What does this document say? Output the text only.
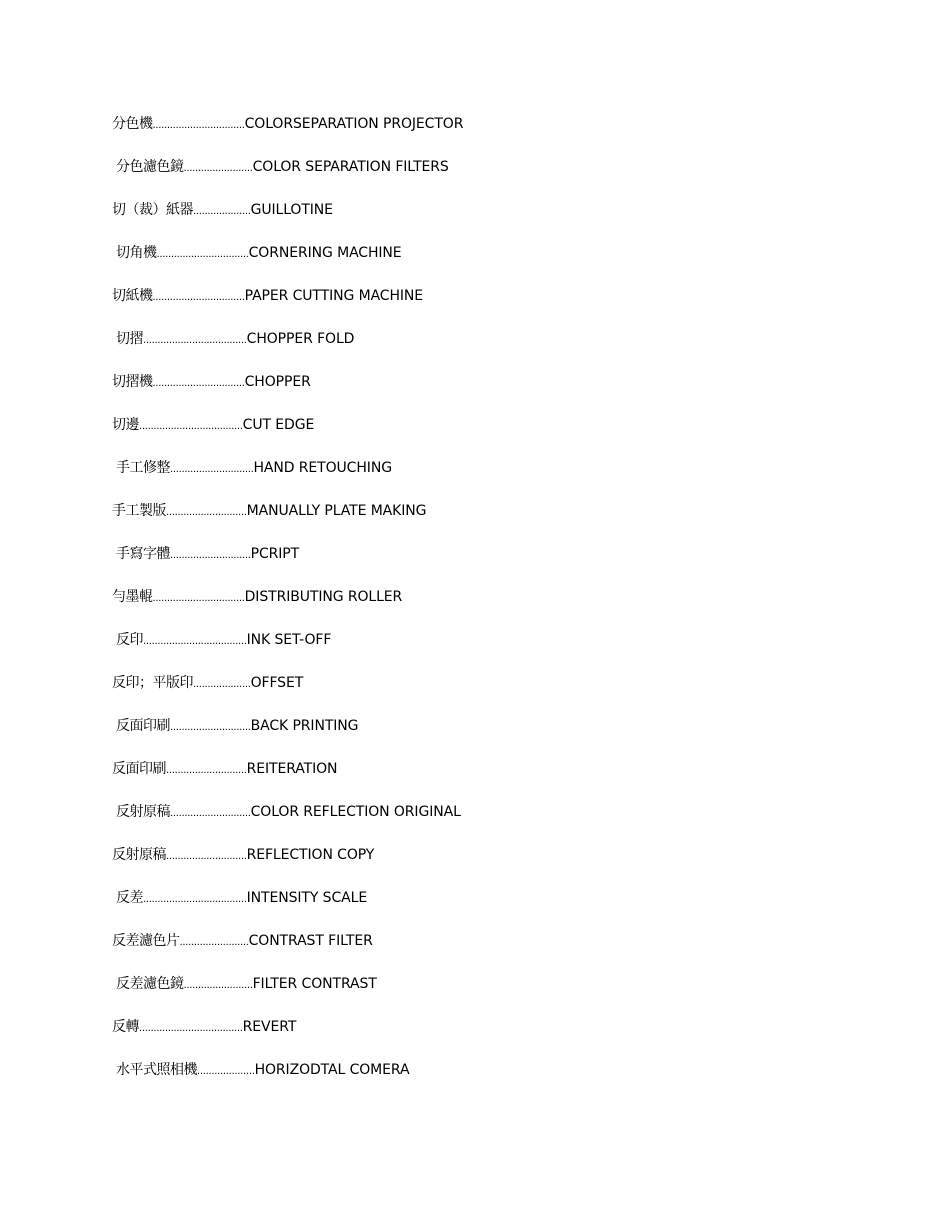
分色機................................COLORSEPARATION PROJECTOR
分色濾色鏡........................COLOR SEPARATION FILTERS
切（裁）紙器....................GUILLOTINE
切角機................................CORNERING MACHINE
切紙機................................PAPER CUTTING MACHINE
切摺....................................CHOPPER FOLD
切摺機................................CHOPPER
切邊....................................CUT EDGE
手工修整.............................HAND RETOUCHING
手工製版............................MANUALLY PLATE MAKING
手寫字體............................PCRIPT
勻墨輥................................DISTRIBUTING ROLLER
反印....................................INK SET-OFF
反印；平版印....................OFFSET
反面印刷............................BACK PRINTING
反面印刷............................REITERATION
反射原稿............................COLOR REFLECTION ORIGINAL
反射原稿............................REFLECTION COPY
反差....................................INTENSITY SCALE
反差濾色片........................CONTRAST FILTER
反差濾色鏡........................FILTER CONTRAST
反轉....................................REVERT
水平式照相機....................HORIZODTAL COMERA
